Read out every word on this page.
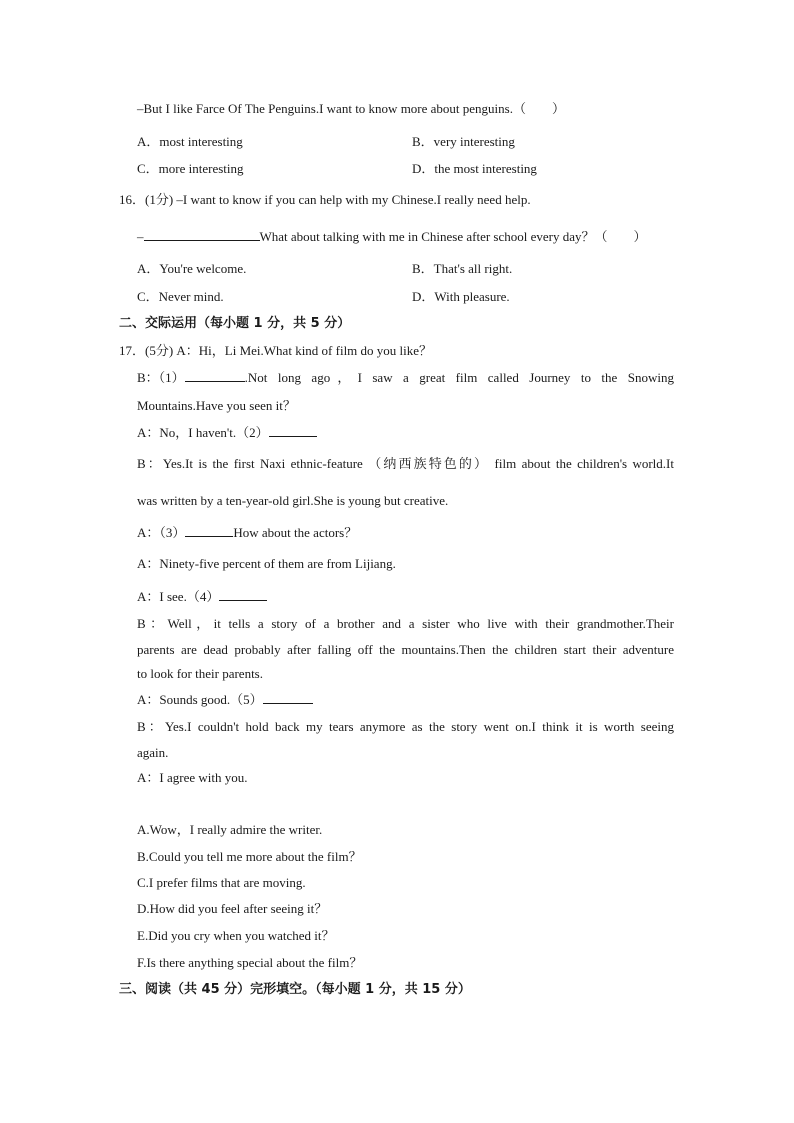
–But I like Farce Of The Penguins.I want to know more about penguins.（　　）
A．most interesting	B．very interesting
C．more interesting	D．the most interesting
16．(1分) –I want to know if you can help with my Chinese.I really need help.
–	What about talking with me in Chinese after school every day？（　　）
A．You're welcome.	B．That's all right.
C．Never mind.	D．With pleasure.
二、交际运用（每小题 1 分，共 5 分）
17．(5分) A：Hi，Li Mei.What kind of film do you like？
B：（1）	.Not long ago，I saw a great film called Journey to the Snowing
Mountains.Have you seen it？
A：No，I haven't.（2）
B：Yes.It is the first Naxi ethnic-feature （纳西族特色的） film about the children's world.It
was written by a ten-year-old girl.She is young but creative.
A：（3）	How about the actors？
A：Ninety-five percent of them are from Lijiang.
A：I see.（4）
B：Well，it tells a story of a brother and a sister who live with their grandmother.Their
parents are dead probably after falling off the mountains.Then the children start their adventure
to look for their parents.
A：Sounds good.（5）
B：Yes.I couldn't hold back my tears anymore as the story went on.I think it is worth seeing
again.
A：I agree with you.
A.Wow，I really admire the writer.
B.Could you tell me more about the film？
C.I prefer films that are moving.
D.How did you feel after seeing it？
E.Did you cry when you watched it？
F.Is there anything special about the film？
三、阅读（共 45 分）完形填空。（每小题 1 分，共 15 分）
